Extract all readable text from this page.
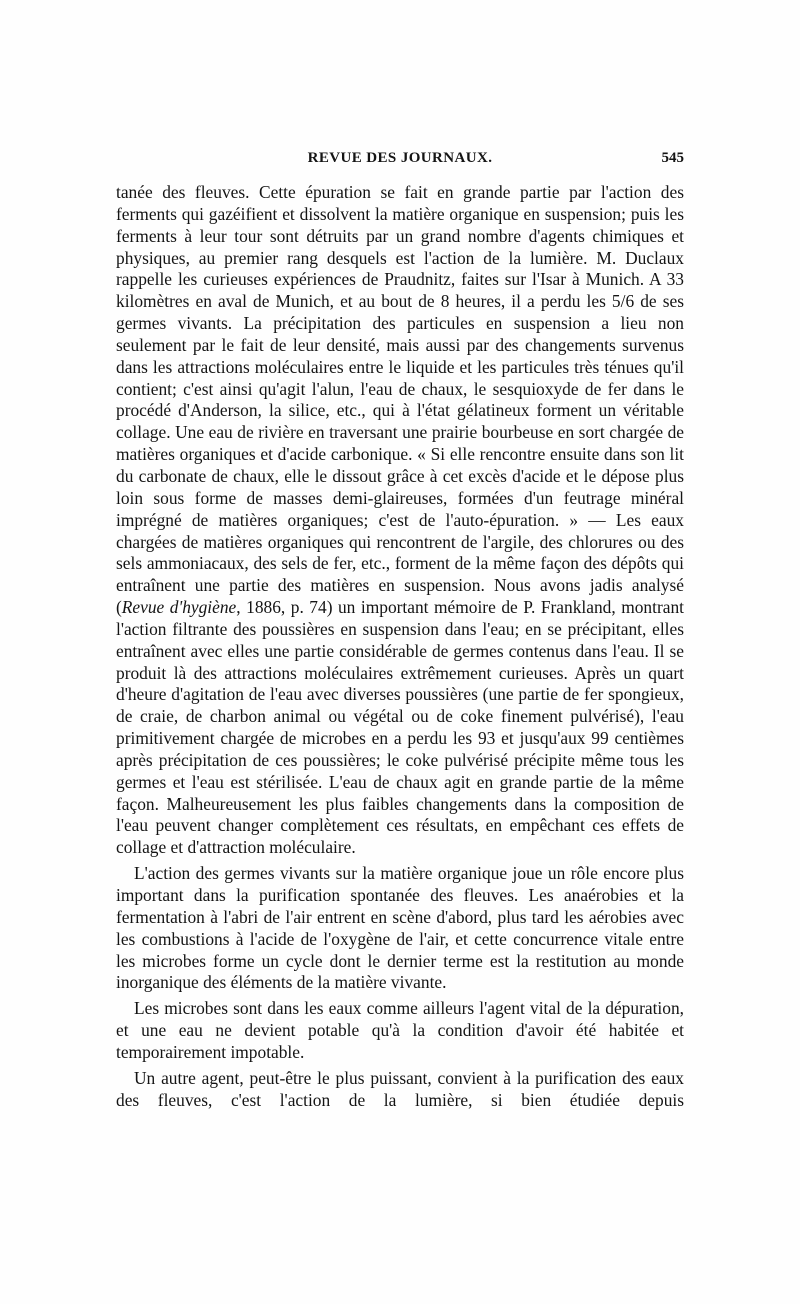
REVUE DES JOURNAUX.	545

tanée des fleuves. Cette épuration se fait en grande partie par l'action des ferments qui gazéifient et dissolvent la matière organique en suspension; puis les ferments à leur tour sont détruits par un grand nombre d'agents chimiques et physiques, au premier rang desquels est l'action de la lumière. M. Duclaux rappelle les curieuses expériences de Praudnitz, faites sur l'Isar à Munich. A 33 kilomètres en aval de Munich, et au bout de 8 heures, il a perdu les 5/6 de ses germes vivants. La précipitation des particules en suspension a lieu non seulement par le fait de leur densité, mais aussi par des changements survenus dans les attractions moléculaires entre le liquide et les particules très ténues qu'il contient; c'est ainsi qu'agit l'alun, l'eau de chaux, le sesquioxyde de fer dans le procédé d'Anderson, la silice, etc., qui à l'état gélatineux forment un véritable collage. Une eau de rivière en traversant une prairie bourbeuse en sort chargée de matières organiques et d'acide carbonique. « Si elle rencontre ensuite dans son lit du carbonate de chaux, elle le dissout grâce à cet excès d'acide et le dépose plus loin sous forme de masses demi-glaireuses, formées d'un feutrage minéral imprégné de matières organiques; c'est de l'auto-épuration. » — Les eaux chargées de matières organiques qui rencontrent de l'argile, des chlorures ou des sels ammoniacaux, des sels de fer, etc., forment de la même façon des dépôts qui entraînent une partie des matières en suspension. Nous avons jadis analysé (Revue d'hygiène, 1886, p. 74) un important mémoire de P. Frankland, montrant l'action filtrante des poussières en suspension dans l'eau; en se précipitant, elles entraînent avec elles une partie considérable de germes contenus dans l'eau. Il se produit là des attractions moléculaires extrêmement curieuses. Après un quart d'heure d'agitation de l'eau avec diverses poussières (une partie de fer spongieux, de craie, de charbon animal ou végétal ou de coke finement pulvérisé), l'eau primitivement chargée de microbes en a perdu les 93 et jusqu'aux 99 centièmes après précipitation de ces poussières; le coke pulvérisé précipite même tous les germes et l'eau est stérilisée. L'eau de chaux agit en grande partie de la même façon. Malheureusement les plus faibles changements dans la composition de l'eau peuvent changer complètement ces résultats, en empêchant ces effets de collage et d'attraction moléculaire.

L'action des germes vivants sur la matière organique joue un rôle encore plus important dans la purification spontanée des fleuves. Les anaérobies et la fermentation à l'abri de l'air entrent en scène d'abord, plus tard les aérobies avec les combustions à l'acide de l'oxygène de l'air, et cette concurrence vitale entre les microbes forme un cycle dont le dernier terme est la restitution au monde inorganique des éléments de la matière vivante.

Les microbes sont dans les eaux comme ailleurs l'agent vital de la dépuration, et une eau ne devient potable qu'à la condition d'avoir été habitée et temporairement impotable.

Un autre agent, peut-être le plus puissant, convient à la purification des eaux des fleuves, c'est l'action de la lumière, si bien étudiée depuis
